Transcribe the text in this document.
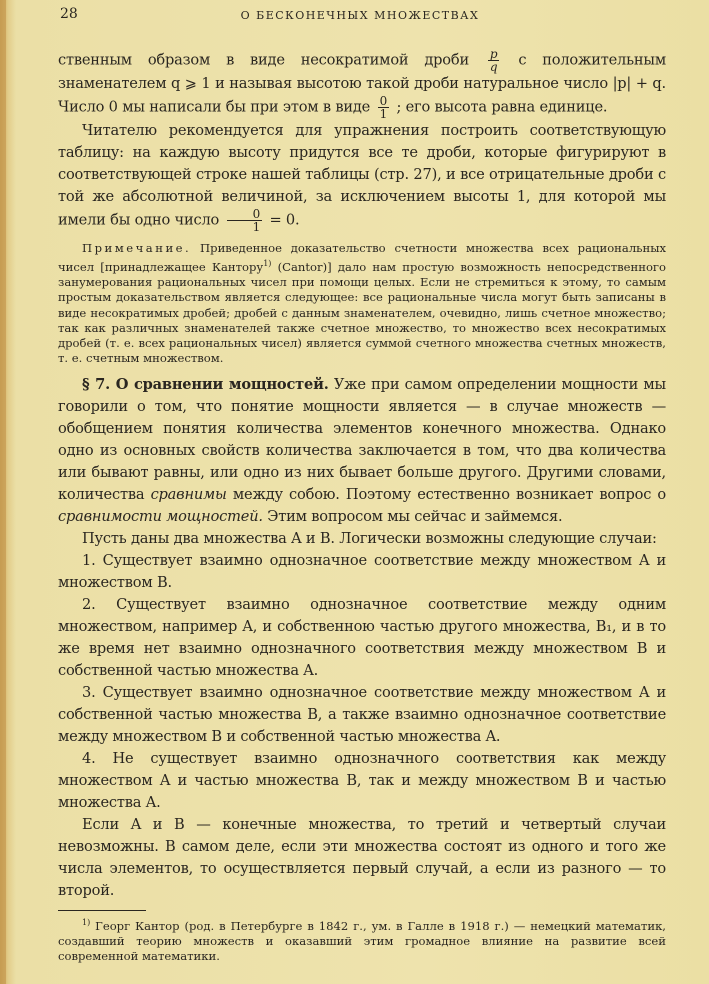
28	О БЕСКОНЕЧНЫХ МНОЖЕСТВАХ

ственным образом в виде несократимой дроби $\frac{p}{q}$ с положительным знаменателем q ⩾ 1 и называя высотою такой дроби натуральное число |p| + q. Число 0 мы написали бы при этом в виде $\frac{0}{1}$ ; его высота равна единице.

Читателю рекомендуется для упражнения построить соответствующую таблицу: на каждую высоту придутся все те дроби, которые фигурируют в соответствующей строке нашей таблицы (стр. 27), и все отрицательные дроби с той же абсолютной величиной, за исключением высоты 1, для которой мы имели бы одно число $\frac{0}{1} = 0$.

Примечание. Приведенное доказательство счетности множества всех рациональных чисел [принадлежащее Кантору$^{1)}$ (Cantor)] дало нам простую возможность непосредственного занумерования рациональных чисел при помощи целых. Если не стремиться к этому, то самым простым доказательством является следующее: все рациональные числа могут быть записаны в виде несократимых дробей; дробей с данным знаменателем, очевидно, лишь счетное множество; так как различных знаменателей также счетное множество, то множество всех несократимых дробей (т. е. всех рациональных чисел) является суммой счетного множества счетных множеств, т. е. счетным множеством.

§ 7. О сравнении мощностей. Уже при самом определении мощности мы говорили о том, что понятие мощности является — в случае множеств — обобщением понятия количества элементов конечного множества. Однако одно из основных свойств количества заключается в том, что два количества или бывают равны, или одно из них бывает больше другого. Другими словами, количества сравнимы между собою. Поэтому естественно возникает вопрос о сравнимости мощностей. Этим вопросом мы сейчас и займемся.

Пусть даны два множества A и B. Логически возможны следующие случаи:

1. Существует взаимно однозначное соответствие между множеством A и множеством B.

2. Существует взаимно однозначное соответствие между одним множеством, например A, и собственною частью другого множества, B₁, и в то же время нет взаимно однозначного соответствия между множеством B и собственной частью множества A.

3. Существует взаимно однозначное соответствие между множеством A и собственной частью множества B, а также взаимно однозначное соответствие между множеством B и собственной частью множества A.

4. Не существует взаимно однозначного соответствия как между множеством A и частью множества B, так и между множеством B и частью множества A.

Если A и B — конечные множества, то третий и четвертый случаи невозможны. В самом деле, если эти множества состоят из одного и того же числа элементов, то осуществляется первый случай, а если из разного — то второй.

$^{1)}$ Георг Кантор (род. в Петербурге в 1842 г., ум. в Галле в 1918 г.) — немецкий математик, создавший теорию множеств и оказавший этим громадное влияние на развитие всей современной математики.
